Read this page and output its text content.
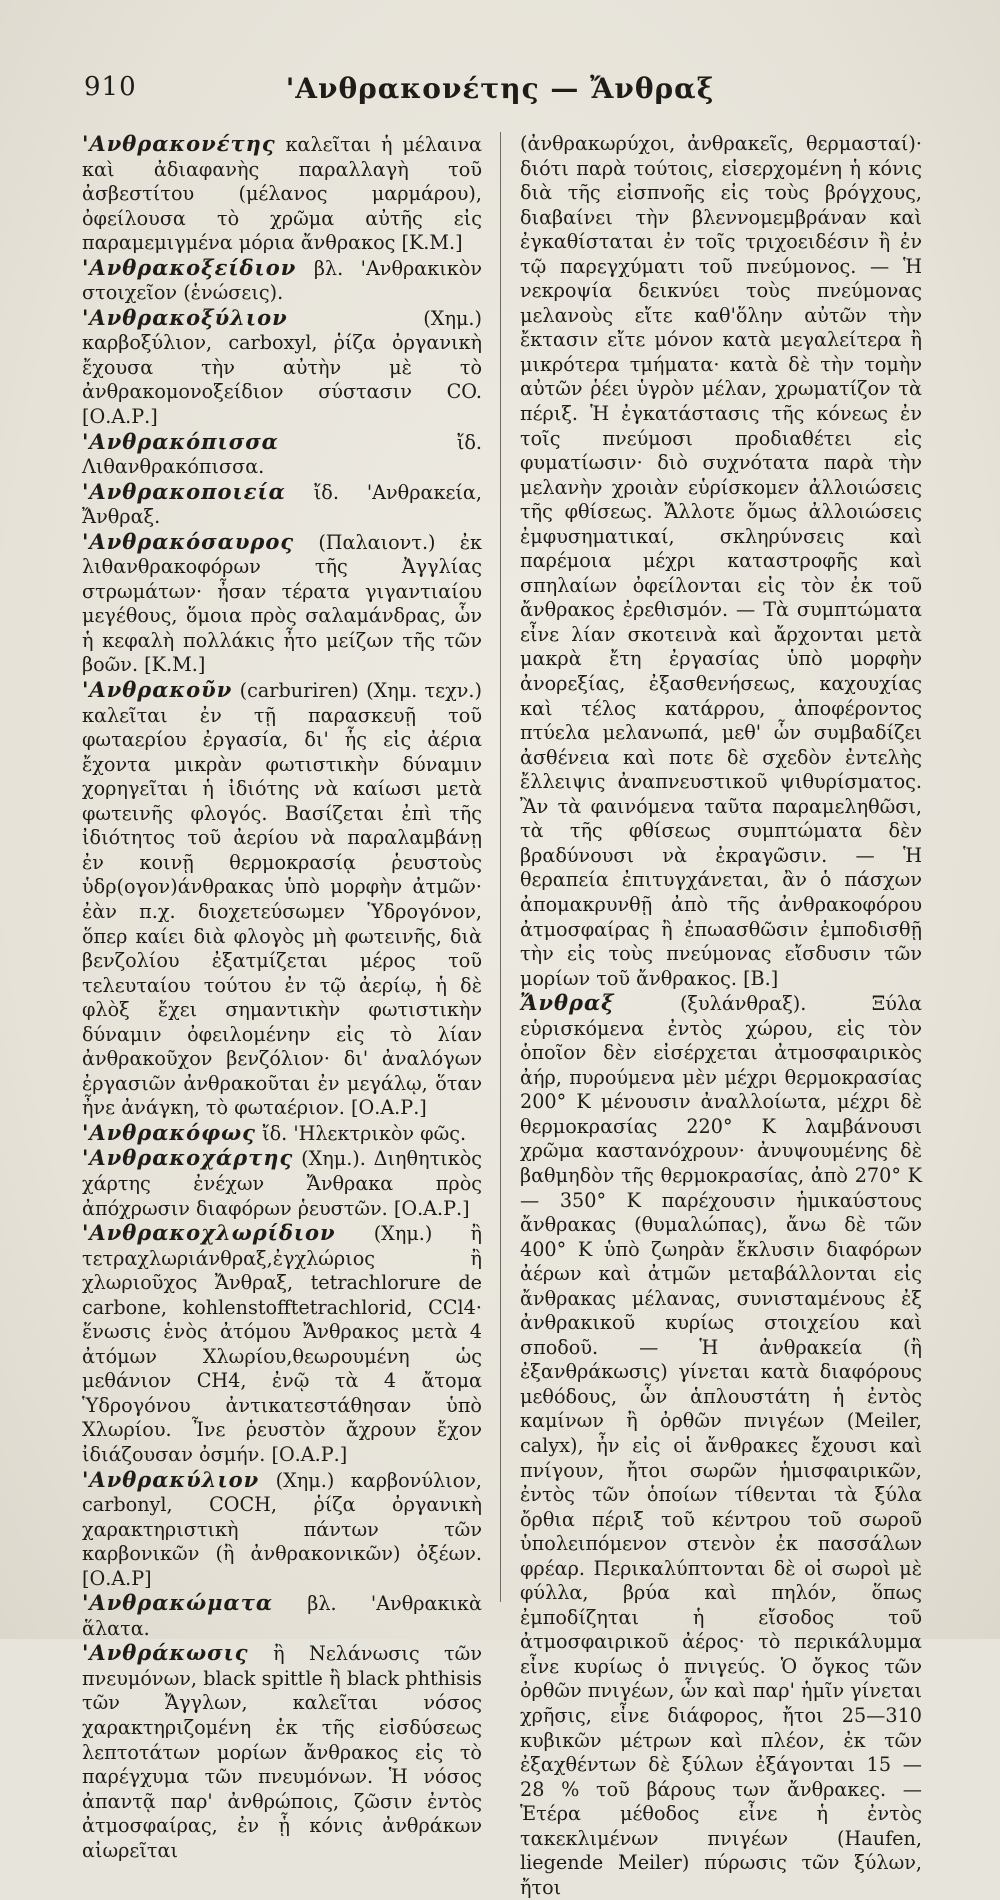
910	'Ανθρακονέτης — Ἄνθραξ

'Ανθρακονέτης καλεῖται ἡ μέλαινα καὶ ἀδιαφανὴς παραλλαγὴ τοῦ ἀσβεστίτου (μέλανος μαρμάρου), ὀφείλουσα τὸ χρῶμα αὐτῆς εἰς παραμεμιγμένα μόρια ἄνθρακος [Κ.Μ.]

'Ανθρακοξείδιον βλ. 'Ανθρακικὸν στοιχεῖον (ἑνώσεις).

'Ανθρακοξύλιον	(Χημ.) καρβοξύλιον, carboxyl, ῥίζα ὀργανικὴ ἔχουσα τὴν αὐτὴν μὲ τὸ ἀνθρακομονοξείδιον σύστασιν CO. [Ο.Α.Ρ.]

'Ανθρακόπισσα	ἴδ. Λιθανθρακόπισσα.

'Ανθρακοποιεία ἴδ. 'Ανθρακεία, Ἄνθραξ.

'Ανθρακόσαυρος (Παλαιοντ.) ἐκ λιθανθρακοφόρων τῆς Ἀγγλίας στρωμάτων· ἦσαν τέρατα γιγαντιαίου μεγέθους, ὅμοια πρὸς σαλαμάνδρας, ὧν ἡ κεφαλὴ πολλάκις ἦτο μείζων τῆς τῶν βοῶν. [Κ.Μ.]

'Ανθρακοῦν (carburiren) (Χημ. τεχν.) καλεῖται ἐν τῇ παρασκευῇ τοῦ φωταερίου ἐργασία, δι' ἧς εἰς ἀέρια ἔχοντα μικρὰν φωτιστικὴν δύναμιν χορηγεῖται ἡ ἰδιότης νὰ καίωσι μετὰ φωτεινῆς φλογός. Βασίζεται ἐπὶ τῆς ἰδιότητος τοῦ ἀερίου νὰ παραλαμβάνῃ ἐν κοινῇ θερμοκρασίᾳ ῥευστοὺς ὑδρ(ογον)άνθρακας ὑπὸ μορφὴν ἀτμῶν· ἐὰν π.χ. διοχετεύσωμεν Ὑδρογόνον, ὅπερ καίει διὰ φλογὸς μὴ φωτεινῆς, διὰ βενζολίου ἐξατμίζεται μέρος τοῦ τελευταίου τούτου ἐν τῷ ἀερίῳ, ἡ δὲ φλὸξ ἔχει σημαντικὴν φωτιστικὴν δύναμιν ὀφειλομένην εἰς τὸ λίαν ἀνθρακοῦχον βενζόλιον· δι' ἀναλόγων ἐργασιῶν ἀνθρακοῦται ἐν μεγάλῳ, ὅταν ἦνε ἀνάγκη, τὸ φωταέριον. [Ο.Α.Ρ.]

'Ανθρακόφως ἴδ. 'Ηλεκτρικὸν φῶς.

'Ανθρακοχάρτης (Χημ.). Διηθητικὸς χάρτης ἐνέχων Ἄνθρακα πρὸς ἀπόχρωσιν διαφόρων ῥευστῶν. [Ο.Α.Ρ.]

'Ανθρακοχλωρίδιον (Χημ.) ἢ τετραχλωριάνθραξ,ἐγχλώριος ἢ χλωριοῦχος Ἄνθραξ, tetrachlorure de carbone, kohlenstofftetrachlorid, CCl4· ἕνωσις ἑνὸς ἀτόμου Ἄνθρακος μετὰ 4 ἀτόμων Χλωρίου,θεωρουμένη ὡς μεθάνιον CH4, ἐνῷ τὰ 4 ἄτομα Ὑδρογόνου ἀντικατεστάθησαν ὑπὸ Χλωρίου. Ἶνε ῥευστὸν ἄχρουν ἔχον ἰδιάζουσαν ὀσμήν. [Ο.Α.Ρ.]

'Ανθρακύλιον (Χημ.) καρβονύλιον, carbonyl, COCH, ῥίζα ὀργανικὴ χαρακτηριστικὴ πάντων τῶν καρβονικῶν (ἢ ἀνθρακονικῶν) ὀξέων. [Ο.Α.Ρ]

'Ανθρακώματα βλ. 'Ανθρακικὰ ἅλατα.

'Ανθράκωσις ἢ Νελάνωσις τῶν πνευμόνων, black spittle ἢ black phthisis τῶν Ἄγγλων, καλεῖται νόσος χαρακτηριζομένη ἐκ τῆς εἰσδύσεως λεπτοτάτων μορίων ἄνθρακος εἰς τὸ παρέγχυμα τῶν πνευμόνων. Ἡ νόσος ἀπαντᾷ παρ' ἀνθρώποις, ζῶσιν ἐντὸς ἀτμοσφαίρας, ἐν ᾗ κόνις ἀνθράκων αἰωρεῖται

(ἀνθρακωρύχοι, ἀνθρακεῖς, θερμασταί)· διότι παρὰ τούτοις, εἰσερχομένη ἡ κόνις διὰ τῆς εἰσπνοῆς εἰς τοὺς βρόγχους, διαβαίνει τὴν βλεννομεμβράναν καὶ ἐγκαθίσταται ἐν τοῖς τριχοειδέσιν ἢ ἐν τῷ παρεγχύματι τοῦ πνεύμονος. — Ἡ νεκροψία δεικνύει τοὺς πνεύμονας μελανοὺς εἴτε καθ'ὅλην αὐτῶν τὴν ἔκτασιν εἴτε μόνον κατὰ μεγαλείτερα ἢ μικρότερα τμήματα· κατὰ δὲ τὴν τομὴν αὐτῶν ῥέει ὑγρὸν μέλαν, χρωματίζον τὰ πέριξ. Ἡ ἐγκατάστασις τῆς κόνεως ἐν τοῖς πνεύμοσι προδιαθέτει εἰς φυματίωσιν· διὸ συχνότατα παρὰ τὴν μελανὴν χροιὰν εὑρίσκομεν ἀλλοιώσεις τῆς φθίσεως. Ἄλλοτε ὅμως ἀλλοιώσεις ἐμφυσηματικαί, σκληρύνσεις καὶ παρέμοια μέχρι καταστροφῆς καὶ σπηλαίων ὀφείλονται εἰς τὸν ἐκ τοῦ ἄνθρακος ἐρεθισμόν. — Τὰ συμπτώματα εἶνε λίαν σκοτεινὰ καὶ ἄρχονται μετὰ μακρὰ ἔτη ἐργασίας ὑπὸ μορφὴν ἀνορεξίας, ἐξασθενήσεως, καχουχίας καὶ τέλος κατάρρου, ἀποφέροντος πτύελα μελανωπά, μεθ' ὧν συμβαδίζει ἀσθένεια καὶ ποτε δὲ σχεδὸν ἐντελὴς ἔλλειψις ἀναπνευστικοῦ ψιθυρίσματος. Ἂν τὰ φαινόμενα ταῦτα παραμεληθῶσι, τὰ τῆς φθίσεως συμπτώματα δὲν βραδύνουσι νὰ ἐκραγῶσιν. — Ἡ θεραπεία ἐπιτυγχάνεται, ἂν ὁ πάσχων ἀπομακρυνθῇ ἀπὸ τῆς ἀνθρακοφόρου ἀτμοσφαίρας ἢ ἐπωασθῶσιν ἐμποδισθῇ τὴν εἰς τοὺς πνεύμονας εἴσδυσιν τῶν μορίων τοῦ ἄνθρακος. [Β.]

Ἄνθραξ	(ξυλάνθραξ). Ξύλα εὑρισκόμενα ἐντὸς χώρου, εἰς τὸν ὁποῖον δὲν εἰσέρχεται ἀτμοσφαιρικὸς ἀήρ, πυρούμενα μὲν μέχρι θερμοκρασίας 200° Κ μένουσιν ἀναλλοίωτα, μέχρι δὲ θερμοκρασίας 220° Κ λαμβάνουσι χρῶμα καστανόχρουν· ἀνυψουμένης δὲ βαθμηδὸν τῆς θερμοκρασίας, ἀπὸ 270° Κ — 350° Κ παρέχουσιν ἡμικαύστους ἄνθρακας (θυμαλώπας), ἄνω δὲ τῶν 400° Κ ὑπὸ ζωηρὰν ἔκλυσιν διαφόρων ἀέρων καὶ ἀτμῶν μεταβάλλονται εἰς ἄνθρακας μέλανας, συνισταμένους ἐξ ἀνθρακικοῦ κυρίως στοιχείου καὶ σποδοῦ. — Ἡ ἀνθρακεία (ἢ ἐξανθράκωσις) γίνεται κατὰ διαφόρους μεθόδους, ὧν ἁπλουστάτη ἡ ἐντὸς καμίνων ἢ ὀρθῶν πνιγέων (Meiler, calyx), ἦν εἰς οἱ ἄνθρακες ἔχουσι καὶ πνίγουν, ἤτοι σωρῶν ἡμισφαιρικῶν, ἐντὸς τῶν ὁποίων τίθενται τὰ ξύλα ὄρθια πέριξ τοῦ κέντρου τοῦ σωροῦ ὑπολειπόμενον στενὸν ἐκ πασσάλων φρέαρ. Περικαλύπτονται δὲ οἱ σωροὶ μὲ φύλλα, βρύα καὶ πηλόν, ὅπως ἐμποδίζηται ἡ εἴσοδος τοῦ ἀτμοσφαιρικοῦ ἀέρος· τὸ περικάλυμμα εἶνε κυρίως ὁ πνιγεύς. Ὁ ὄγκος τῶν ὀρθῶν πνιγέων, ὧν καὶ παρ' ἡμῖν γίνεται χρῆσις, εἶνε διάφορος, ἤτοι 25—310 κυβικῶν μέτρων καὶ πλέον, ἐκ τῶν ἐξαχθέντων δὲ ξύλων ἐξάγονται 15 — 28 % τοῦ βάρους των ἄνθρακες. — Ἑτέρα μέθοδος εἶνε ἡ ἐντὸς τακεκλιμένων πνιγέων (Haufen, liegende Meiler) πύρωσις τῶν ξύλων, ἤτοι
